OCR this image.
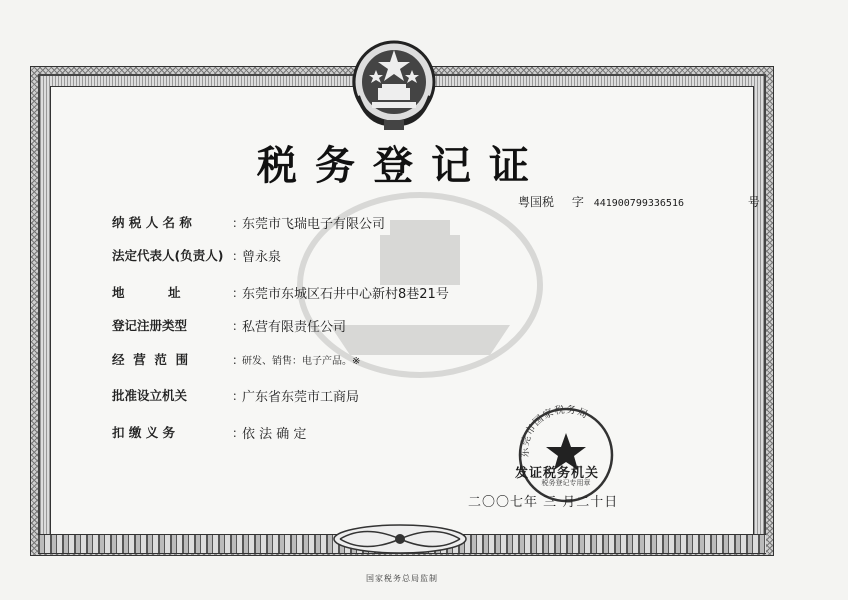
税务登记证
粤国税 字 441900799336516	号
纳 税 人 名 称	：
东莞市飞瑞电子有限公司
法定代表人(负责人) ：
曾永泉
地          址	：
东莞市东城区石井中心新村8巷21号
登记注册类型	：
私营有限责任公司
经  营  范  围	：
研发、销售：电子产品。※
批准设立机关	：
广东省东莞市工商局
扣 缴 义 务	：
依 法 确 定
东莞市国家税务局
税务登记专用章
发证税务机关
二〇〇七年 三 月二十日
国家税务总局监制
